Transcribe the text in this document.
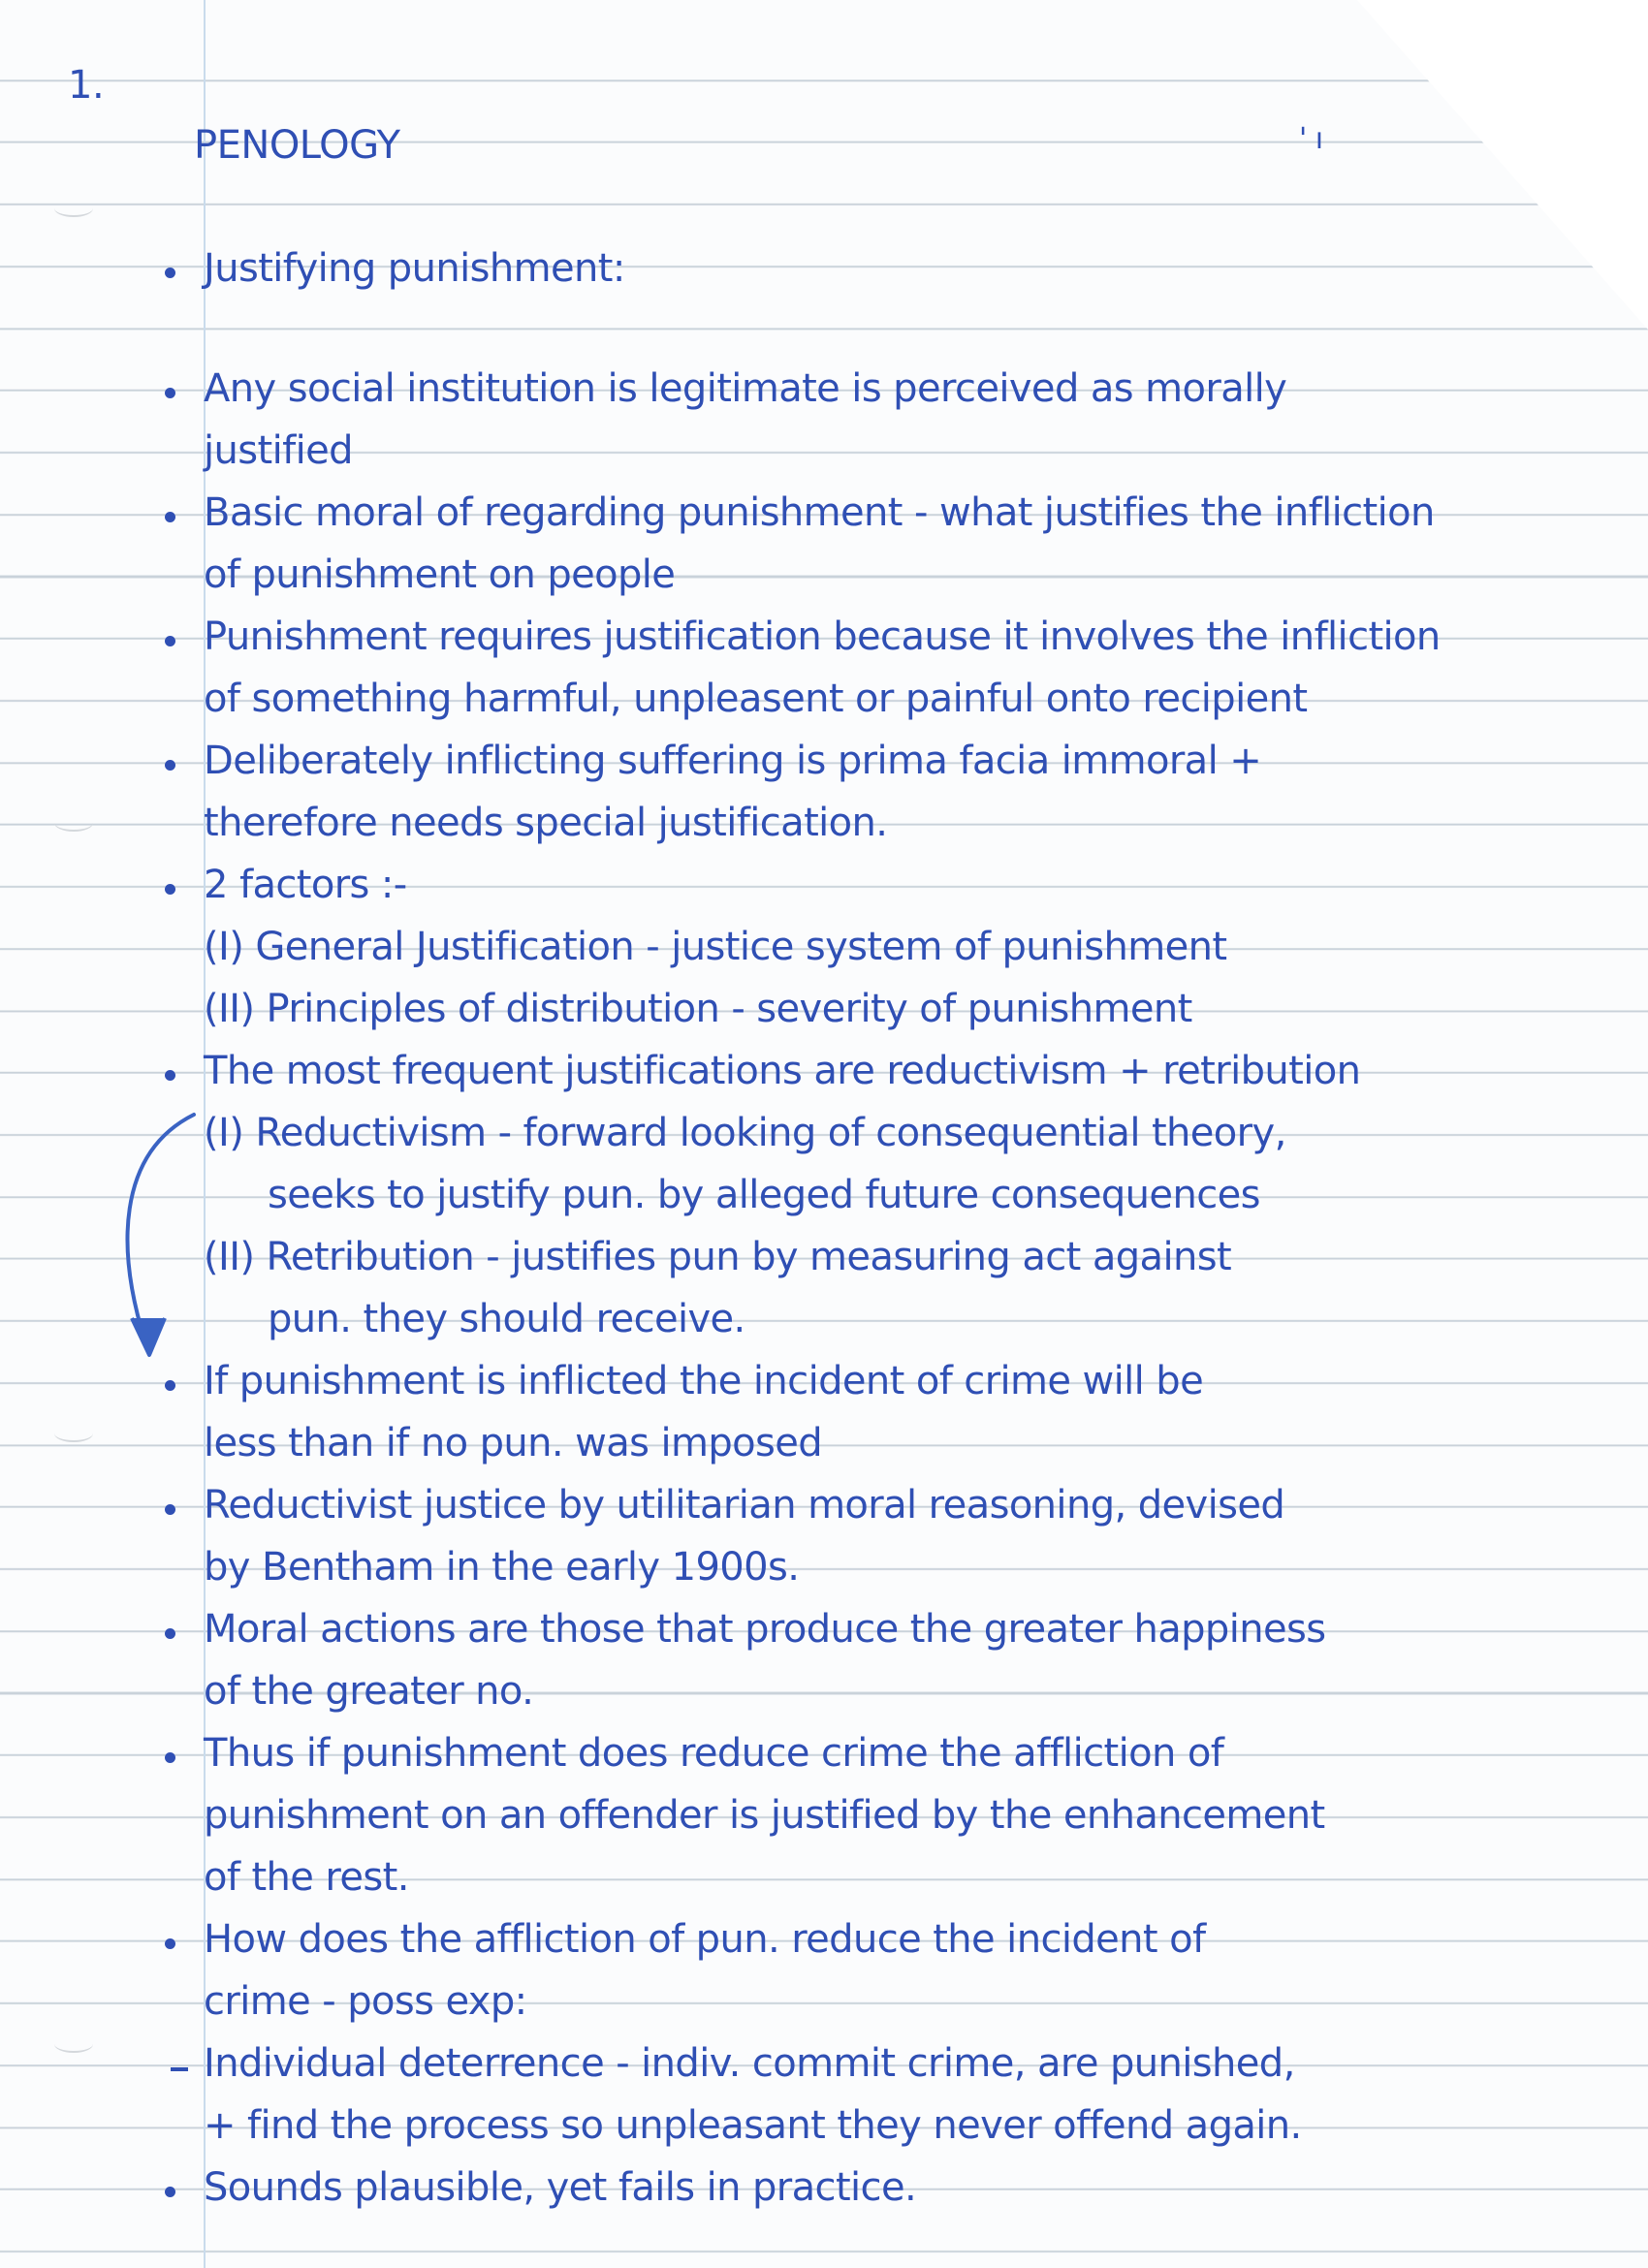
1.
PENOLOGY	' ı
Justifying punishment:
Any social institution is legitimate is perceived as morally
justified
Basic moral of regarding punishment - what justifies the infliction
of punishment on people
Punishment requires justification because it involves the infliction
of something harmful, unpleasent or painful onto recipient
Deliberately inflicting suffering is prima facia immoral +
therefore needs special justification.
2 factors :-
(I) General Justification - justice system of punishment
(II) Principles of distribution - severity of punishment
The most frequent justifications are reductivism + retribution
(I) Reductivism - forward looking of consequential theory,
seeks to justify pun. by alleged future consequences
(II) Retribution - justifies pun by measuring act against
pun. they should receive.
If punishment is inflicted the incident of crime will be
less than if no pun. was imposed
Reductivist justice by utilitarian moral reasoning, devised
by Bentham in the early 1900s.
Moral actions are those that produce the greater happiness
of the greater no.
Thus if punishment does reduce crime the affliction of
punishment on an offender is justified by the enhancement
of the rest.
How does the affliction of pun. reduce the incident of
crime - poss exp:
Individual deterrence - indiv. commit crime, are punished,
+ find the process so unpleasant they never offend again.
Sounds plausible, yet fails in practice.
